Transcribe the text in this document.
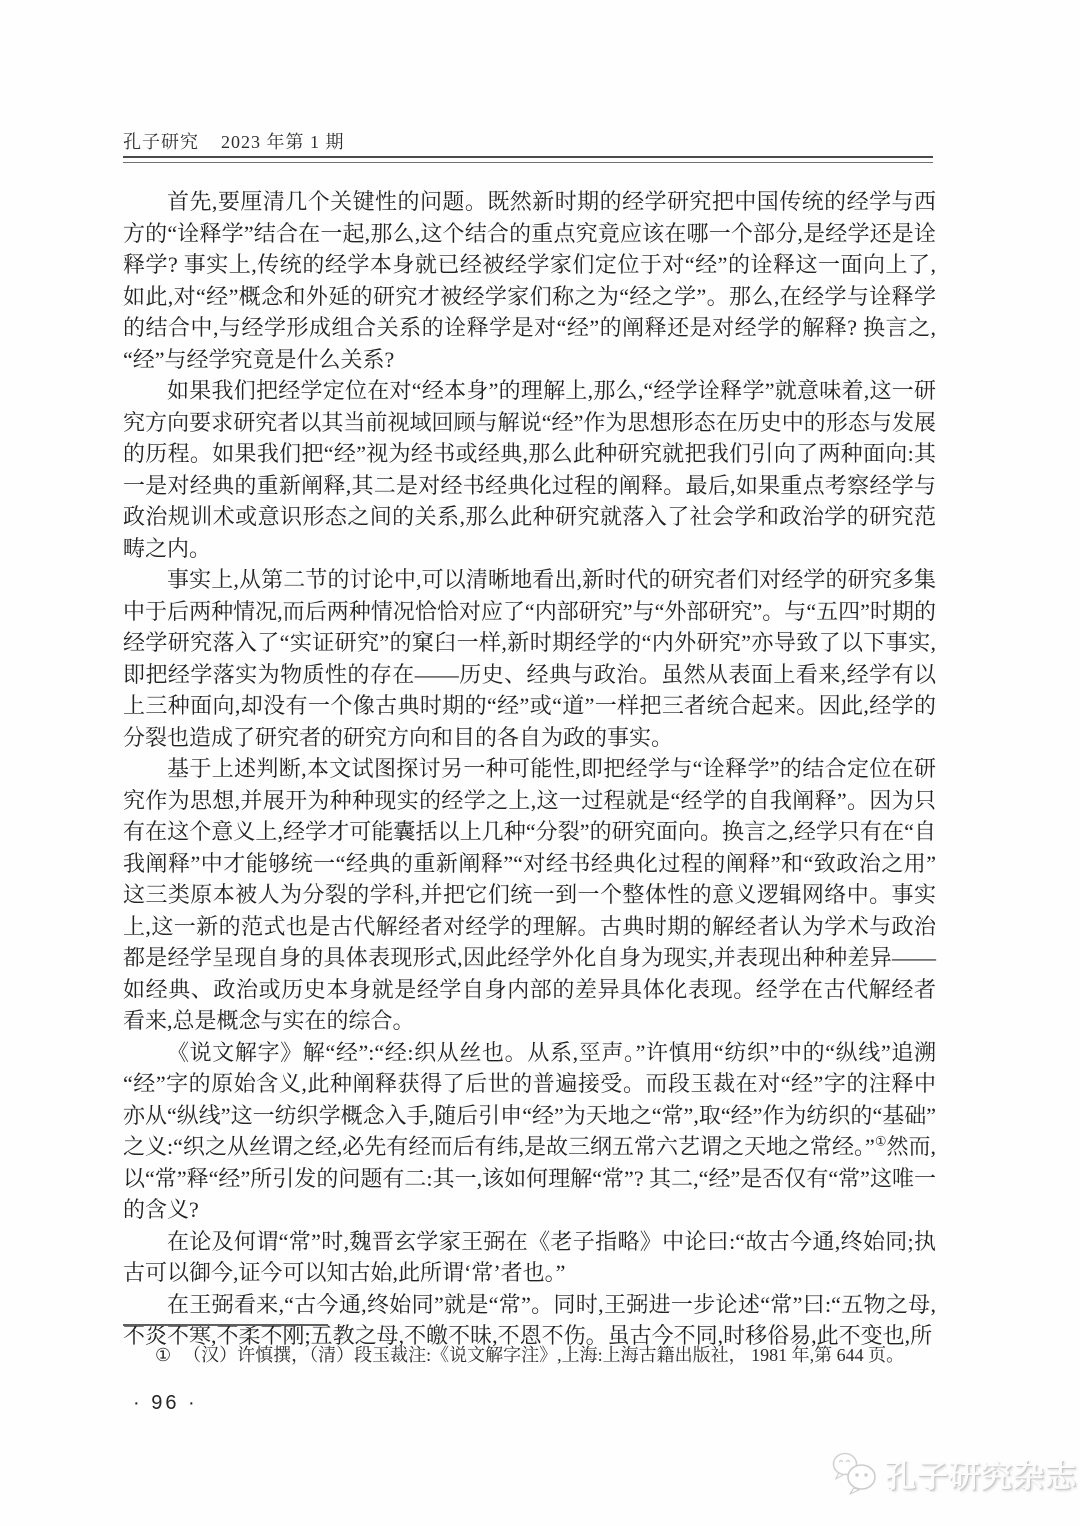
孔子研究 2023 年第 1 期

首先,要厘清几个关键性的问题。既然新时期的经学研究把中国传统的经学与西方的“诠释学”结合在一起,那么,这个结合的重点究竟应该在哪一个部分,是经学还是诠释学? 事实上,传统的经学本身就已经被经学家们定位于对“经”的诠释这一面向上了,如此,对“经”概念和外延的研究才被经学家们称之为“经之学”。那么,在经学与诠释学的结合中,与经学形成组合关系的诠释学是对“经”的阐释还是对经学的解释? 换言之,“经”与经学究竟是什么关系?

如果我们把经学定位在对“经本身”的理解上,那么,“经学诠释学”就意味着,这一研究方向要求研究者以其当前视域回顾与解说“经”作为思想形态在历史中的形态与发展的历程。如果我们把“经”视为经书或经典,那么此种研究就把我们引向了两种面向:其一是对经典的重新阐释,其二是对经书经典化过程的阐释。最后,如果重点考察经学与政治规训术或意识形态之间的关系,那么此种研究就落入了社会学和政治学的研究范畴之内。

事实上,从第二节的讨论中,可以清晰地看出,新时代的研究者们对经学的研究多集中于后两种情况,而后两种情况恰恰对应了“内部研究”与“外部研究”。与“五四”时期的经学研究落入了“实证研究”的窠臼一样,新时期经学的“内外研究”亦导致了以下事实,即把经学落实为物质性的存在——历史、经典与政治。虽然从表面上看来,经学有以上三种面向,却没有一个像古典时期的“经”或“道”一样把三者统合起来。因此,经学的分裂也造成了研究者的研究方向和目的各自为政的事实。

基于上述判断,本文试图探讨另一种可能性,即把经学与“诠释学”的结合定位在研究作为思想,并展开为种种现实的经学之上,这一过程就是“经学的自我阐释”。因为只有在这个意义上,经学才可能囊括以上几种“分裂”的研究面向。换言之,经学只有在“自我阐释”中才能够统一“经典的重新阐释”“对经书经典化过程的阐释”和“致政治之用”这三类原本被人为分裂的学科,并把它们统一到一个整体性的意义逻辑网络中。事实上,这一新的范式也是古代解经者对经学的理解。古典时期的解经者认为学术与政治都是经学呈现自身的具体表现形式,因此经学外化自身为现实,并表现出种种差异——如经典、政治或历史本身就是经学自身内部的差异具体化表现。经学在古代解经者看来,总是概念与实在的综合。

《说文解字》解“经”:“经:织从丝也。从系,巠声。”许慎用“纺织”中的“纵线”追溯“经”字的原始含义,此种阐释获得了后世的普遍接受。而段玉裁在对“经”字的注释中亦从“纵线”这一纺织学概念入手,随后引申“经”为天地之“常”,取“经”作为纺织的“基础”之义:“织之从丝谓之经,必先有经而后有纬,是故三纲五常六艺谓之天地之常经。”①然而,以“常”释“经”所引发的问题有二:其一,该如何理解“常”? 其二,“经”是否仅有“常”这唯一的含义?

在论及何谓“常”时,魏晋玄学家王弼在《老子指略》中论曰:“故古今通,终始同;执古可以御今,证今可以知古始,此所谓‘常’者也。”

在王弼看来,“古今通,终始同”就是“常”。同时,王弼进一步论述“常”曰:“五物之母,不炎不寒,不柔不刚;五教之母,不皦不昧,不恩不伤。虽古今不同,时移俗易,此不变也,所

① （汉）许慎撰，（清）段玉裁注:《说文解字注》,上海:上海古籍出版社， 1981 年,第 644 页。
· 96 ·
孔子研究杂志
